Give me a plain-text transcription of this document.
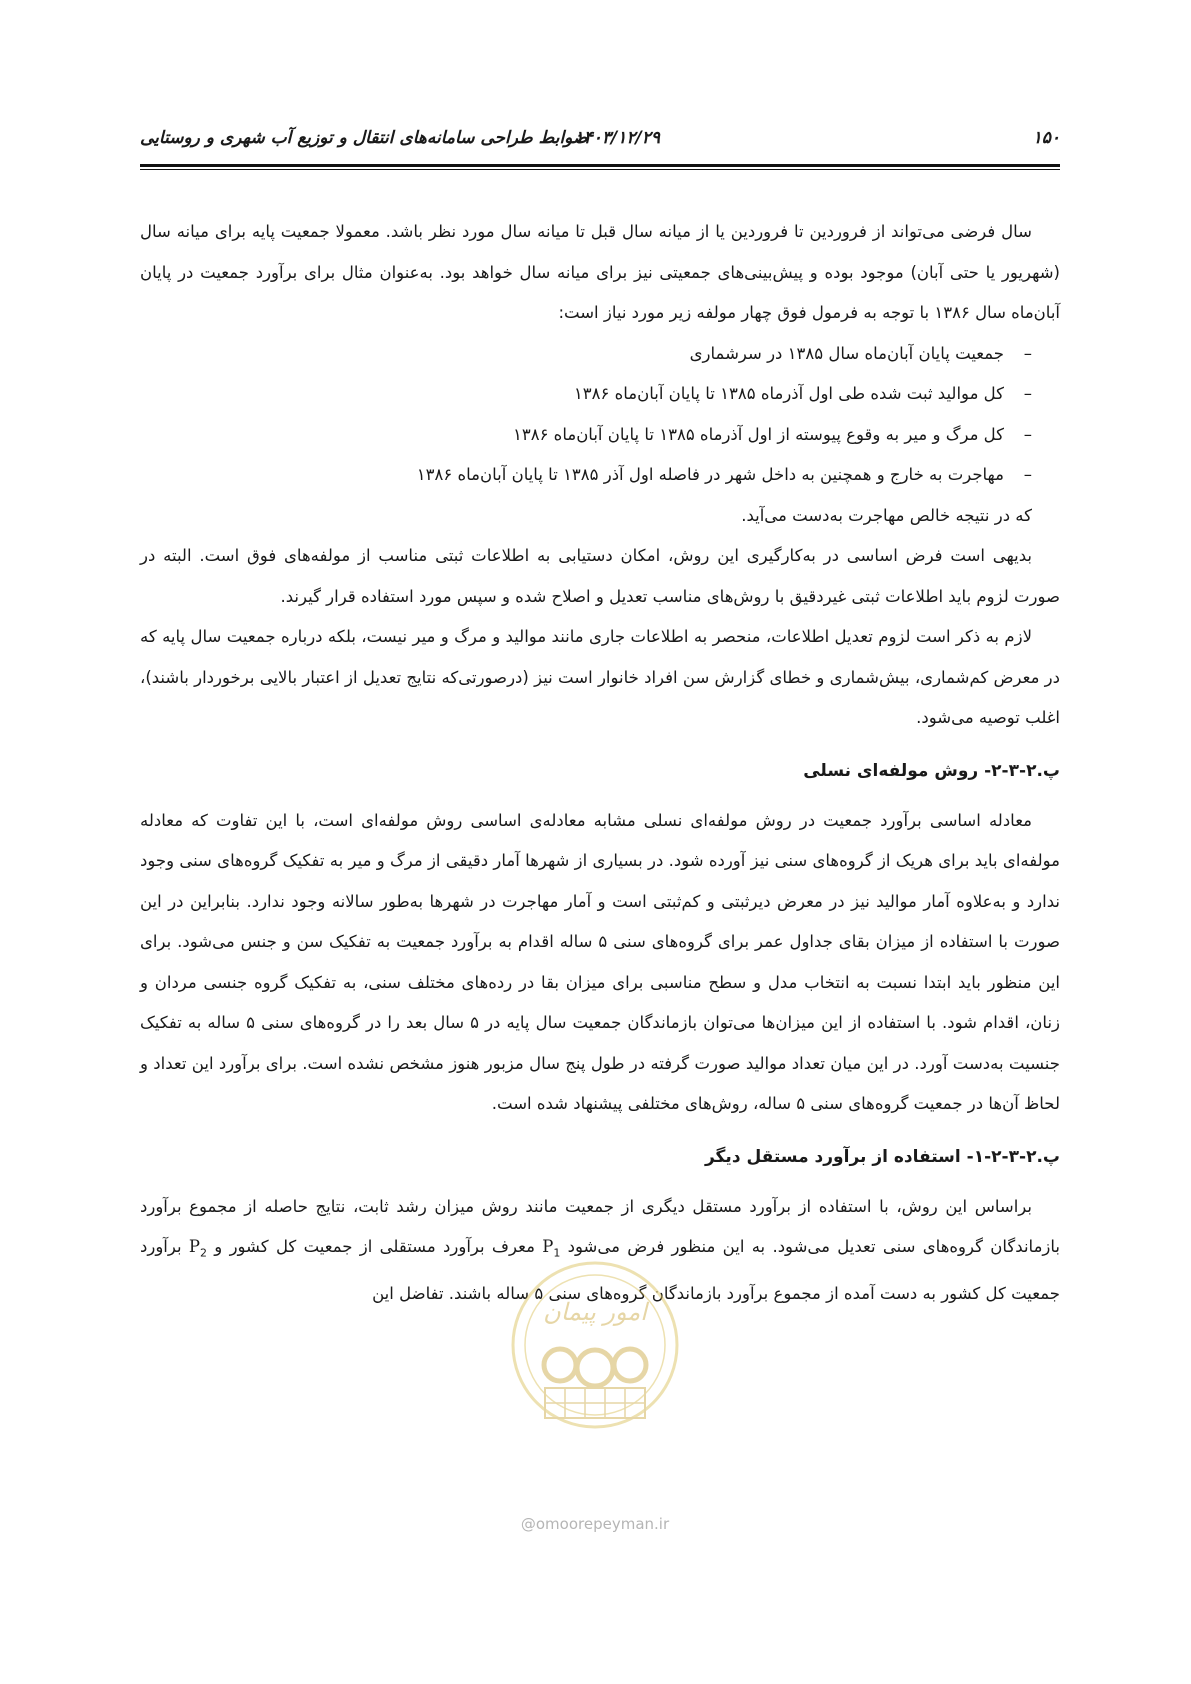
۱۵۰
۱۴۰۳/۱۲/۲۹
ضوابط طراحی سامانه‌های انتقال و توزیع آب شهری و روستایی

سال فرضی می‌تواند از فروردین تا فروردین یا از میانه سال قبل تا میانه سال مورد نظر باشد. معمولا جمعیت پایه برای میانه سال (شهریور یا حتی آبان) موجود بوده و پیش‌بینی‌های جمعیتی نیز برای میانه سال خواهد بود. به‌عنوان مثال برای برآورد جمعیت در پایان آبان‌ماه سال ۱۳۸۶ با توجه به فرمول فوق چهار مولفه زیر مورد نیاز است:

–جمعیت پایان آبان‌ماه سال ۱۳۸۵ در سرشماری
–کل موالید ثبت شده طی اول آذرماه ۱۳۸۵ تا پایان آبان‌ماه ۱۳۸۶
–کل مرگ و میر به وقوع پیوسته از اول آذرماه ۱۳۸۵ تا پایان آبان‌ماه ۱۳۸۶
–مهاجرت به خارج و همچنین به داخل شهر در فاصله اول آذر ۱۳۸۵ تا پایان آبان‌ماه ۱۳۸۶
که در نتیجه خالص مهاجرت به‌دست می‌آید.

بدیهی است فرض اساسی در به‌کارگیری این روش، امکان دستیابی به اطلاعات ثبتی مناسب از مولفه‌های فوق است. البته در صورت لزوم باید اطلاعات ثبتی غیردقیق با روش‌های مناسب تعدیل و اصلاح شده و سپس مورد استفاده قرار گیرند.

لازم به ذکر است لزوم تعدیل اطلاعات، منحصر به اطلاعات جاری مانند موالید و مرگ و میر نیست، بلکه درباره جمعیت سال پایه که در معرض کم‌شماری، بیش‌شماری و خطای گزارش سن افراد خانوار است نیز (درصورتی‌که نتایج تعدیل از اعتبار بالایی برخوردار باشند)، اغلب توصیه می‌شود.

پ.۲-۳-۲- روش مولفه‌ای نسلی

معادله اساسی برآورد جمعیت در روش مولفه‌ای نسلی مشابه معادله‌ی اساسی روش مولفه‌ای است، با این تفاوت که معادله مولفه‌ای باید برای هریک از گروه‌های سنی نیز آورده شود. در بسیاری از شهرها آمار دقیقی از مرگ و میر به تفکیک گروه‌های سنی وجود ندارد و به‌علاوه آمار موالید نیز در معرض دیرثبتی و کم‌ثبتی است و آمار مهاجرت در شهرها به‌طور سالانه وجود ندارد. بنابراین در این صورت با استفاده از میزان بقای جداول عمر برای گروه‌های سنی ۵ ساله اقدام به برآورد جمعیت به تفکیک سن و جنس می‌شود. برای این منظور باید ابتدا نسبت به انتخاب مدل و سطح مناسبی برای میزان بقا در رده‌های مختلف سنی، به تفکیک گروه جنسی مردان و زنان، اقدام شود. با استفاده از این میزان‌ها می‌توان بازماندگان جمعیت سال پایه در ۵ سال بعد را در گروه‌های سنی ۵ ساله به تفکیک جنسیت به‌دست آورد. در این میان تعداد موالید صورت گرفته در طول پنج سال مزبور هنوز مشخص نشده است. برای برآورد این تعداد و لحاظ آن‌ها در جمعیت گروه‌های سنی ۵ ساله، روش‌های مختلفی پیشنهاد شده است.

پ.۲-۳-۲-۱- استفاده از برآورد مستقل دیگر

براساس این روش، با استفاده از برآورد مستقل دیگری از جمعیت مانند روش میزان رشد ثابت، نتایج حاصله از مجموع برآورد بازماندگان گروه‌های سنی تعدیل می‌شود. به این منظور فرض می‌شود $P_1$ معرف برآورد مستقلی از جمعیت کل کشور و $P_2$ برآورد جمعیت کل کشور به دست آمده از مجموع برآورد بازماندگان گروه‌های سنی ۵ ساله باشند. تفاضل این

امور پیمان
@omoorepeyman.ir
